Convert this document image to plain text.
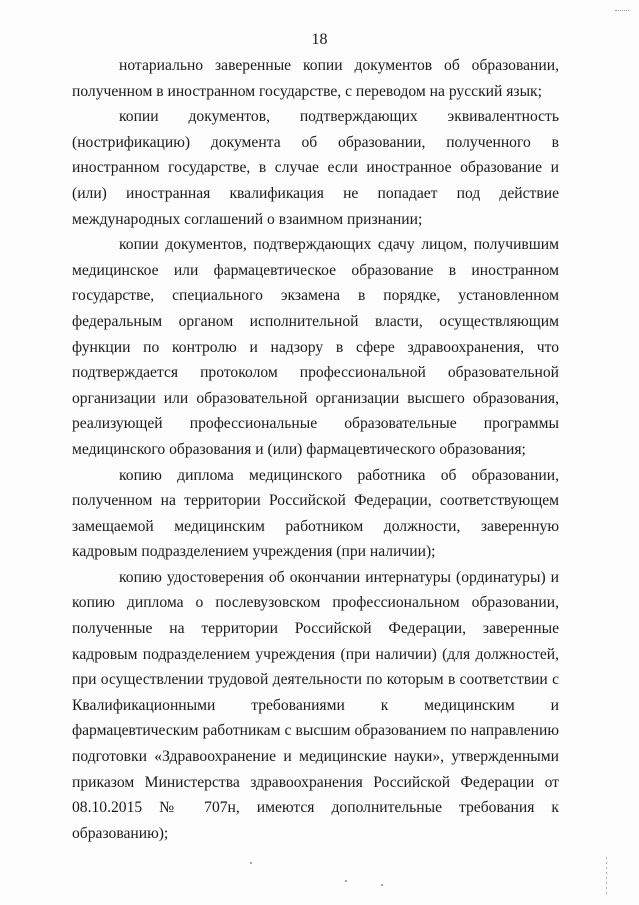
18

нотариально заверенные копии документов об образовании, полученном в иностранном государстве, с переводом на русский язык;

копии документов, подтверждающих эквивалентность (нострификацию) документа об образовании, полученного в иностранном государстве, в случае если иностранное образование и (или) иностранная квалификация не попадает под действие международных соглашений о взаимном признании;

копии документов, подтверждающих сдачу лицом, получившим медицинское или фармацевтическое образование в иностранном государстве, специального экзамена в порядке, установленном федеральным органом исполнительной власти, осуществляющим функции по контролю и надзору в сфере здравоохранения, что подтверждается протоколом профессиональной образовательной организации или образовательной организации высшего образования, реализующей профессиональные образовательные программы медицинского образования и (или) фармацевтического образования;

копию диплома медицинского работника об образовании, полученном на территории Российской Федерации, соответствующем замещаемой медицинским работником должности, заверенную кадровым подразделением учреждения (при наличии);

копию удостоверения об окончании интернатуры (ординатуры) и копию диплома о послевузовском профессиональном образовании, полученные на территории Российской Федерации, заверенные кадровым подразделением учреждения (при наличии) (для должностей, при осуществлении трудовой деятельности по которым в соответствии с Квалификационными требованиями к медицинским и фармацевтическим работникам с высшим образованием по направлению подготовки «Здравоохранение и медицинские науки», утвержденными приказом Министерства здравоохранения Российской Федерации от 08.10.2015 № 707н, имеются дополнительные требования к образованию);
